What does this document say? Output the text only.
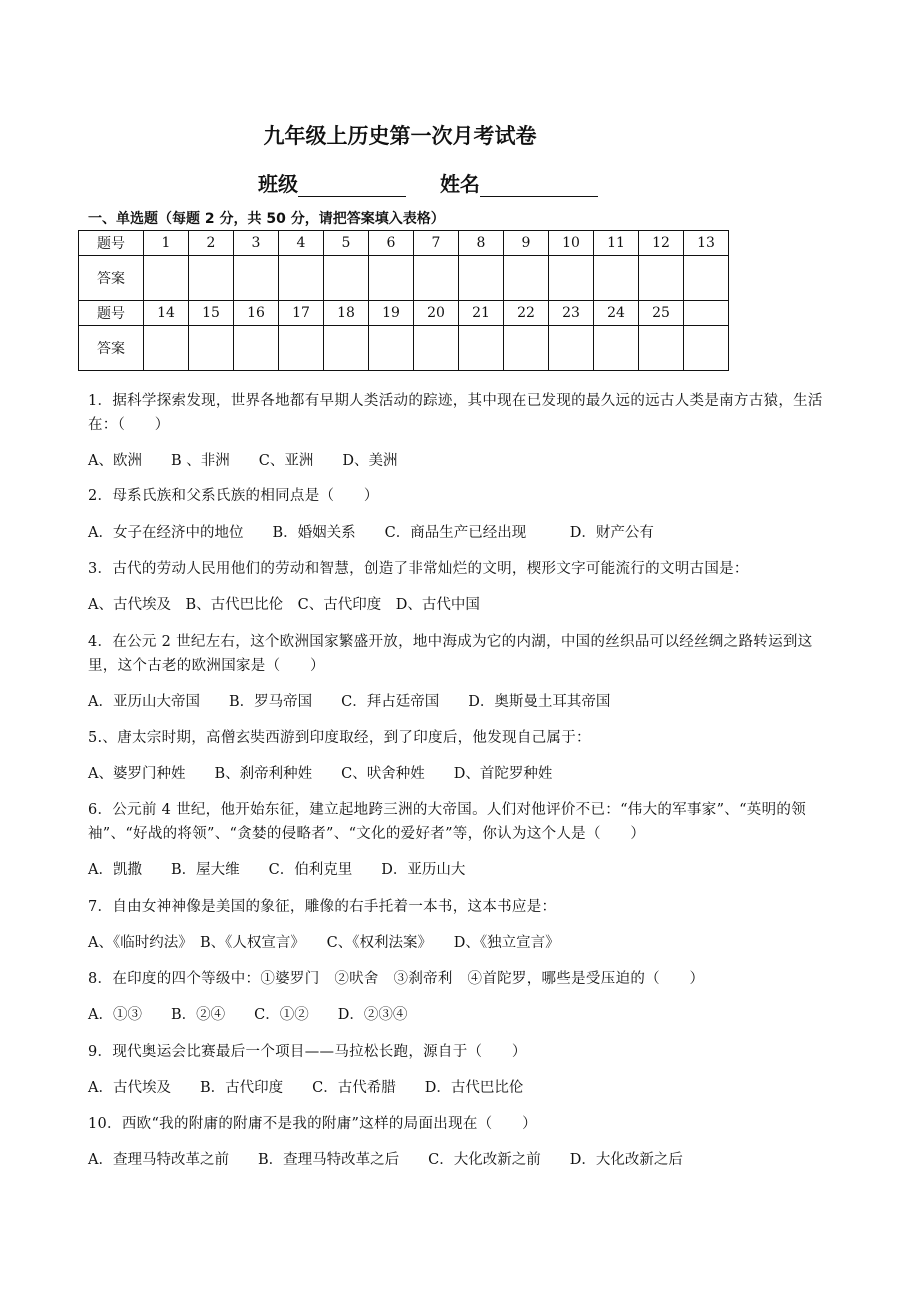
九年级上历史第一次月考试卷
班级	姓名
一、单选题（每题 2 分，共 50 分，请把答案填入表格）
题号	1	2	3	4	5	6	7	8	9	10	11	12	13
答案													
题号	14	15	16	17	18	19	20	21	22	23	24	25	
答案													
1．据科学探索发现，世界各地都有早期人类活动的踪迹，其中现在已发现的最久远的远古人类是南方古猿，生活在：（　　）
A、欧洲　　B 、非洲　　C、亚洲　　D、美洲
2．母系氏族和父系氏族的相同点是（　　）
A．女子在经济中的地位　　B．婚姻关系　　C．商品生产已经出现　　　D．财产公有
3．古代的劳动人民用他们的劳动和智慧，创造了非常灿烂的文明，楔形文字可能流行的文明古国是：
A、古代埃及　B、古代巴比伦　C、古代印度　D、古代中国
4．在公元 2 世纪左右，这个欧洲国家繁盛开放，地中海成为它的内湖，中国的丝织品可以经丝绸之路转运到这里，这个古老的欧洲国家是（　　）
A．亚历山大帝国　　B．罗马帝国　　C．拜占廷帝国　　D．奥斯曼土耳其帝国
5.、唐太宗时期，高僧玄奘西游到印度取经，到了印度后，他发现自己属于：
A、婆罗门种姓　　B、刹帝利种姓　　C、吠舍种姓　　D、首陀罗种姓
6．公元前 4 世纪，他开始东征，建立起地跨三洲的大帝国。人们对他评价不已：“伟大的军事家”、“英明的领袖”、“好战的将领”、“贪婪的侵略者”、“文化的爱好者”等，你认为这个人是（　　）
A．凯撒　　B．屋大维　　C．伯利克里　　D．亚历山大
7．自由女神神像是美国的象征，雕像的右手托着一本书，这本书应是：
A、《临时约法》　B、《人权宣言》　　C、《权利法案》　　D、《独立宣言》
8．在印度的四个等级中：①婆罗门　②吠舍　③刹帝利　④首陀罗，哪些是受压迫的（　　）
A．①③　　B．②④　　C．①②　　D．②③④
9．现代奥运会比赛最后一个项目——马拉松长跑，源自于（　　）
A．古代埃及　　B．古代印度　　C．古代希腊　　D．古代巴比伦
10．西欧“我的附庸的附庸不是我的附庸”这样的局面出现在（　　）
A．查理马特改革之前　　B．查理马特改革之后　　C．大化改新之前　　D．大化改新之后
